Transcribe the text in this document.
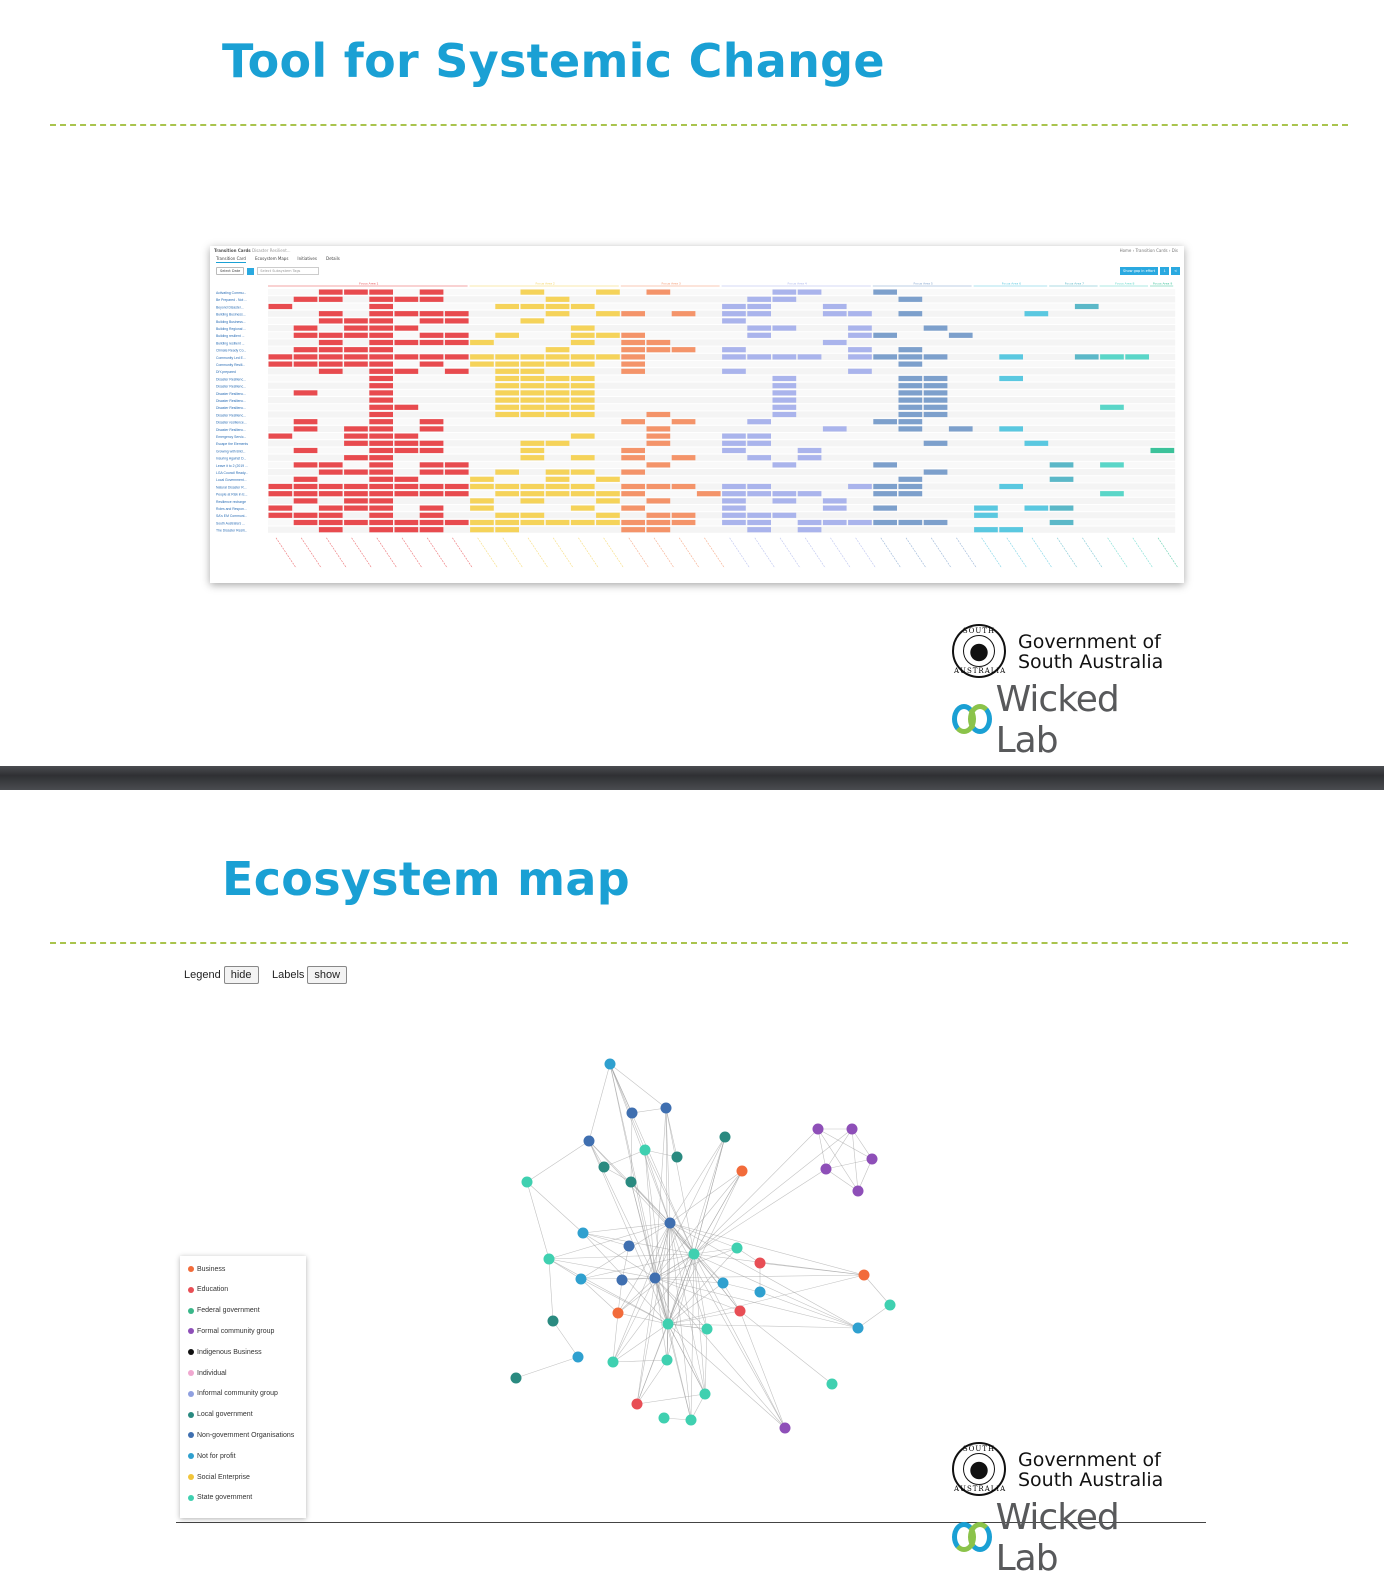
Tool for Systemic Change
Transition Cards Disaster Resilient...	Home › Transition Cards › Dis
Transition Card Ecosystem Maps Initiatives Details
Select Date	Select Subsystem Tags	Show gap in effort	⇩	≺
Activating Commu...
Be Prepared - Not ...
Beyond Disaster...
Building Business...
Building Business...
Building Regional ...
Building resilient ...
Building resilient ...
Climate Ready Co...
Community Led E...
Community Resili...
DiY-prepared
Disaster Resilienc...
Disaster Resilienc...
Disaster Resilienc...
Disaster Resilienc...
Disaster Resilienc...
Disaster Resilienc...
Disaster resilience...
Disaster Resilienc...
Emergency Servic...
Escape the Elements
Growing with Brid...
Insuring Against D...
Leave it to 2 (2019 ...
LGA Council Ready...
Local Government...
Natural Disaster R...
People at Risk in E...
Resilience recharge
Roles and Respon...
SA's EM Communi...
South Australia's ...
The Disaster Resili...
Focus Area 1	Focus Area 2	Focus Area 3	Focus Area 4	Focus Area 5	Focus Area 6	Focus Area 7	Focus Area 8	Focus Area 9
SOUTH
AUSTRALIA
Government of
South Australia
Wicked Lab
Ecosystem map
Legend hide	Labels show
Business
Education
Federal government
Formal community group
Indigenous Business
Individual
Informal community group
Local government
Non-government Organisations
Not for profit
Social Enterprise
State government
SOUTH
AUSTRALIA
Government of
South Australia
Wicked Lab
